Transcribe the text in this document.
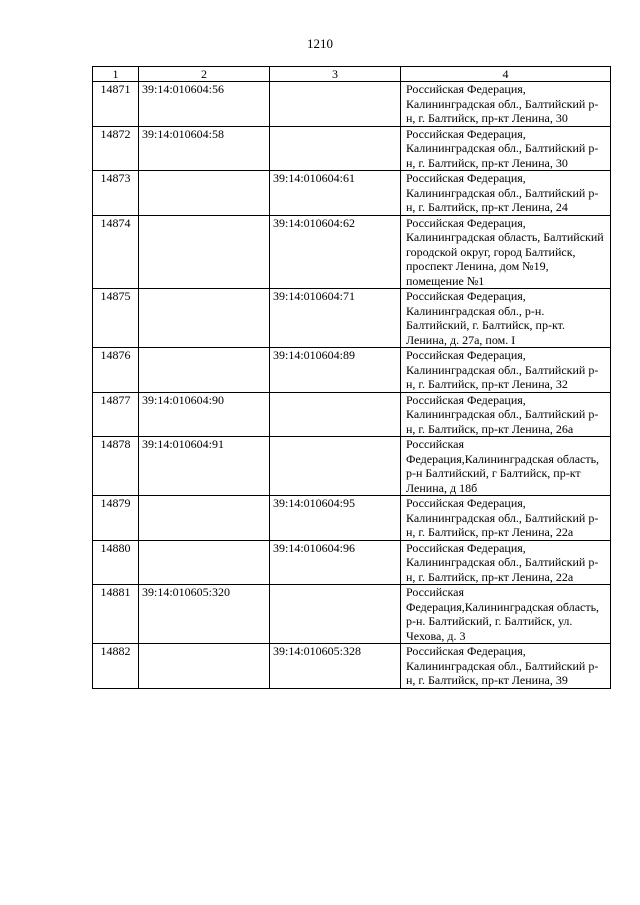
1210
1	2	3	4
14871	39:14:010604:56		Российская Федерация, Калининградская обл., Балтийский р-н, г. Балтийск, пр-кт Ленина, 30
14872	39:14:010604:58		Российская Федерация, Калининградская обл., Балтийский р-н, г. Балтийск, пр-кт Ленина, 30
14873		39:14:010604:61	Российская Федерация, Калининградская обл., Балтийский р-н, г. Балтийск, пр-кт Ленина, 24
14874		39:14:010604:62	Российская Федерация, Калининградская область, Балтийский городской округ, город Балтийск, проспект Ленина, дом №19, помещение №1
14875		39:14:010604:71	Российская Федерация, Калининградская обл., р-н. Балтийский, г. Балтийск, пр-кт. Ленина, д. 27а, пом. I
14876		39:14:010604:89	Российская Федерация, Калининградская обл., Балтийский р-н, г. Балтийск, пр-кт Ленина, 32
14877	39:14:010604:90		Российская Федерация, Калининградская обл., Балтийский р-н, г. Балтийск, пр-кт Ленина, 26а
14878	39:14:010604:91		Российская Федерация,Калининградская область, р-н Балтийский, г Балтийск, пр-кт Ленина, д 18б
14879		39:14:010604:95	Российская Федерация, Калининградская обл., Балтийский р-н, г. Балтийск, пр-кт Ленина, 22а
14880		39:14:010604:96	Российская Федерация, Калининградская обл., Балтийский р-н, г. Балтийск, пр-кт Ленина, 22а
14881	39:14:010605:320		Российская Федерация,Калининградская область, р-н. Балтийский, г. Балтийск, ул. Чехова, д. 3
14882		39:14:010605:328	Российская Федерация, Калининградская обл., Балтийский р-н, г. Балтийск, пр-кт Ленина, 39
